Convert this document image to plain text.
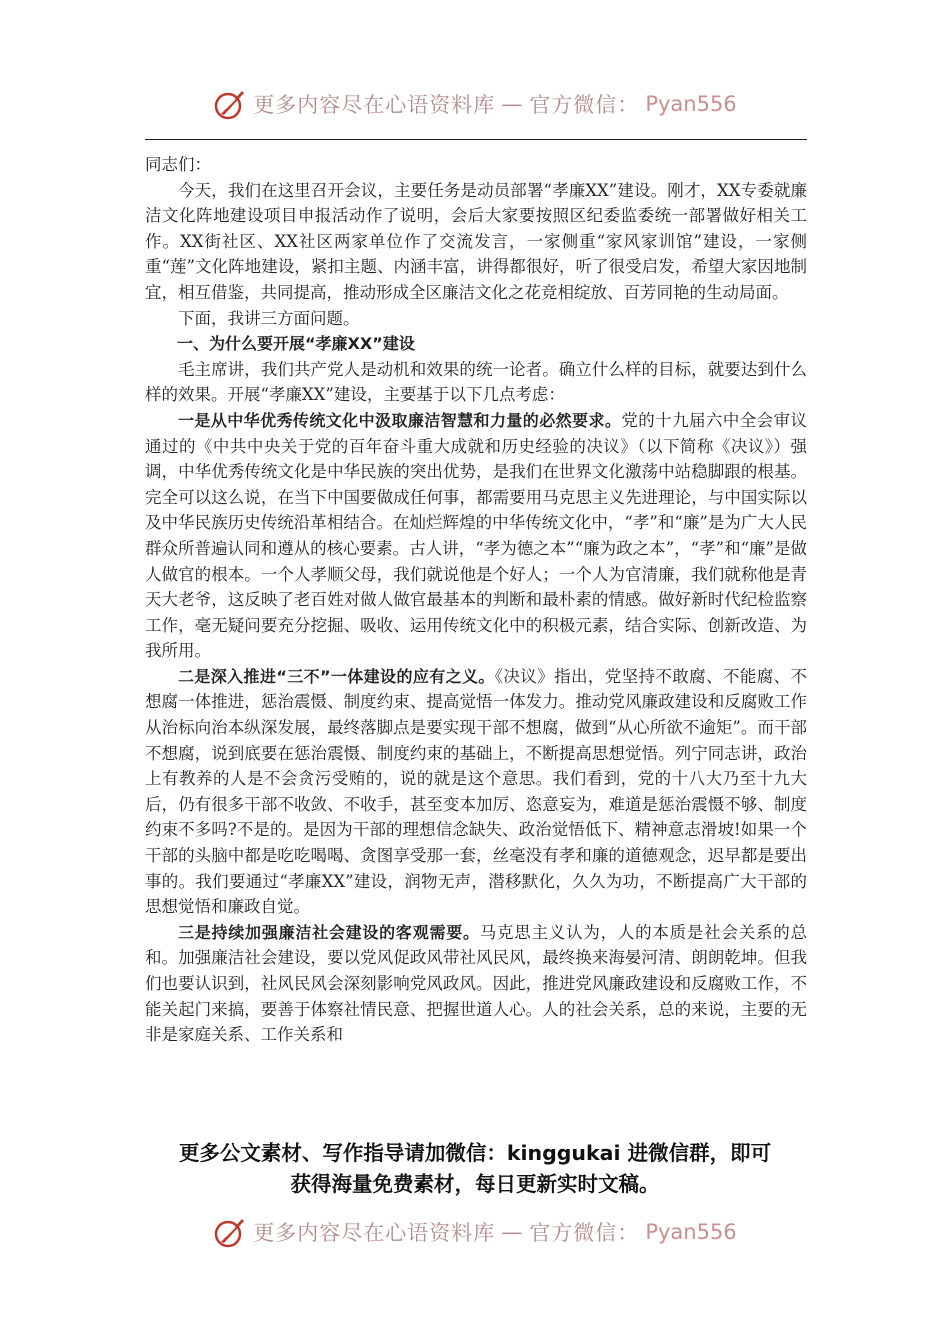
更多内容尽在心语资料库 — 官方微信： Pyan556

同志们：

今天，我们在这里召开会议，主要任务是动员部署“孝廉XX”建设。刚才，XX专委就廉洁文化阵地建设项目申报活动作了说明，会后大家要按照区纪委监委统一部署做好相关工作。XX街社区、XX社区两家单位作了交流发言，一家侧重“家风家训馆”建设，一家侧重“莲”文化阵地建设，紧扣主题、内涵丰富，讲得都很好，听了很受启发，希望大家因地制宜，相互借鉴，共同提高，推动形成全区廉洁文化之花竞相绽放、百芳同艳的生动局面。

下面，我讲三方面问题。

一、为什么要开展“孝廉XX”建设

毛主席讲，我们共产党人是动机和效果的统一论者。确立什么样的目标，就要达到什么样的效果。开展“孝廉XX”建设，主要基于以下几点考虑：

一是从中华优秀传统文化中汲取廉洁智慧和力量的必然要求。党的十九届六中全会审议通过的《中共中央关于党的百年奋斗重大成就和历史经验的决议》（以下简称《决议》）强调，中华优秀传统文化是中华民族的突出优势，是我们在世界文化激荡中站稳脚跟的根基。完全可以这么说，在当下中国要做成任何事，都需要用马克思主义先进理论，与中国实际以及中华民族历史传统沿革相结合。在灿烂辉煌的中华传统文化中，“孝”和“廉”是为广大人民群众所普遍认同和遵从的核心要素。古人讲，“孝为德之本”“廉为政之本”，“孝”和“廉”是做人做官的根本。一个人孝顺父母，我们就说他是个好人；一个人为官清廉，我们就称他是青天大老爷，这反映了老百姓对做人做官最基本的判断和最朴素的情感。做好新时代纪检监察工作，毫无疑问要充分挖掘、吸收、运用传统文化中的积极元素，结合实际、创新改造、为我所用。

二是深入推进“三不”一体建设的应有之义。《决议》指出，党坚持不敢腐、不能腐、不想腐一体推进，惩治震慑、制度约束、提高觉悟一体发力。推动党风廉政建设和反腐败工作从治标向治本纵深发展，最终落脚点是要实现干部不想腐，做到“从心所欲不逾矩”。而干部不想腐，说到底要在惩治震慑、制度约束的基础上，不断提高思想觉悟。列宁同志讲，政治上有教养的人是不会贪污受贿的，说的就是这个意思。我们看到，党的十八大乃至十九大后，仍有很多干部不收敛、不收手，甚至变本加厉、恣意妄为，难道是惩治震慑不够、制度约束不多吗?不是的。是因为干部的理想信念缺失、政治觉悟低下、精神意志滑坡!如果一个干部的头脑中都是吃吃喝喝、贪图享受那一套，丝毫没有孝和廉的道德观念，迟早都是要出事的。我们要通过“孝廉XX”建设，润物无声，潜移默化，久久为功，不断提高广大干部的思想觉悟和廉政自觉。

三是持续加强廉洁社会建设的客观需要。马克思主义认为，人的本质是社会关系的总和。加强廉洁社会建设，要以党风促政风带社风民风，最终换来海晏河清、朗朗乾坤。但我们也要认识到，社风民风会深刻影响党风政风。因此，推进党风廉政建设和反腐败工作，不能关起门来搞，要善于体察社情民意、把握世道人心。人的社会关系，总的来说，主要的无非是家庭关系、工作关系和

更多公文素材、写作指导请加微信：kinggukai 进微信群，即可
获得海量免费素材，每日更新实时文稿。
更多内容尽在心语资料库 — 官方微信： Pyan556
